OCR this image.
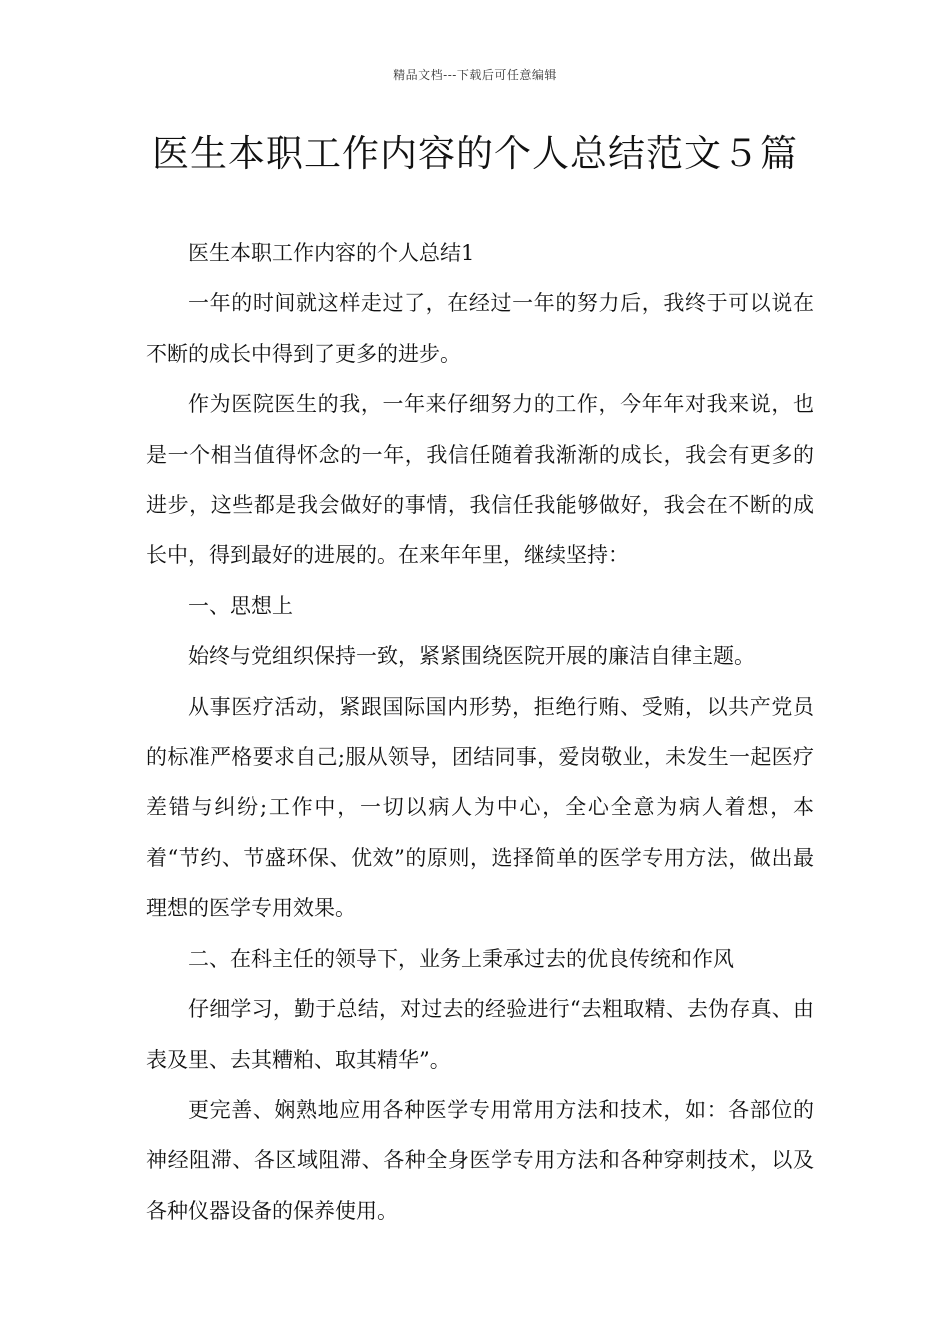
精品文档---下载后可任意编辑
医生本职工作内容的个人总结范文５篇

医生本职工作内容的个人总结1

一年的时间就这样走过了，在经过一年的努力后，我终于可以说在不断的成长中得到了更多的进步。

作为医院医生的我，一年来仔细努力的工作，今年年对我来说，也是一个相当值得怀念的一年，我信任随着我渐渐的成长，我会有更多的进步，这些都是我会做好的事情，我信任我能够做好，我会在不断的成长中，得到最好的进展的。在来年年里，继续坚持：

一、思想上

始终与党组织保持一致，紧紧围绕医院开展的廉洁自律主题。

从事医疗活动，紧跟国际国内形势，拒绝行贿、受贿，以共产党员的标准严格要求自己;服从领导，团结同事，爱岗敬业，未发生一起医疗差错与纠纷;工作中，一切以病人为中心，全心全意为病人着想，本着“节约、节盛环保、优效”的原则，选择简单的医学专用方法，做出最理想的医学专用效果。

二、在科主任的领导下，业务上秉承过去的优良传统和作风

仔细学习，勤于总结，对过去的经验进行“去粗取精、去伪存真、由表及里、去其糟粕、取其精华”。

更完善、娴熟地应用各种医学专用常用方法和技术，如：各部位的神经阻滞、各区域阻滞、各种全身医学专用方法和各种穿刺技术，以及各种仪器设备的保养使用。
